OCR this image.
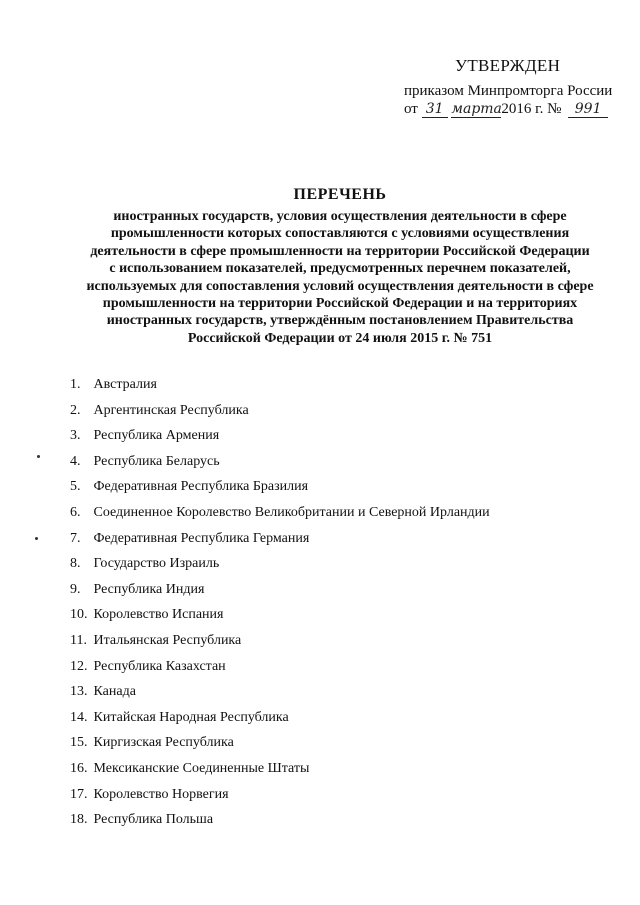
УТВЕРЖДЕН
приказом Минпромторга России
от 31 марта2016 г. № 991
ПЕРЕЧЕНЬ
иностранных государств, условия осуществления деятельности в сфере
промышленности которых сопоставляются с условиями осуществления
деятельности в сфере промышленности на территории Российской Федерации
с использованием показателей, предусмотренных перечнем показателей,
используемых для сопоставления условий осуществления деятельности в сфере
промышленности на территории Российской Федерации и на территориях
иностранных государств, утверждённым постановлением Правительства
Российской Федерации от 24 июля 2015 г. № 751
1. Австралия
2. Аргентинская Республика
3. Республика Армения
4. Республика Беларусь
5. Федеративная Республика Бразилия
6. Соединенное Королевство Великобритании и Северной Ирландии
7. Федеративная Республика Германия
8. Государство Израиль
9. Республика Индия
10. Королевство Испания
11. Итальянская Республика
12. Республика Казахстан
13. Канада
14. Китайская Народная Республика
15. Киргизская Республика
16. Мексиканские Соединенные Штаты
17. Королевство Норвегия
18. Республика Польша
